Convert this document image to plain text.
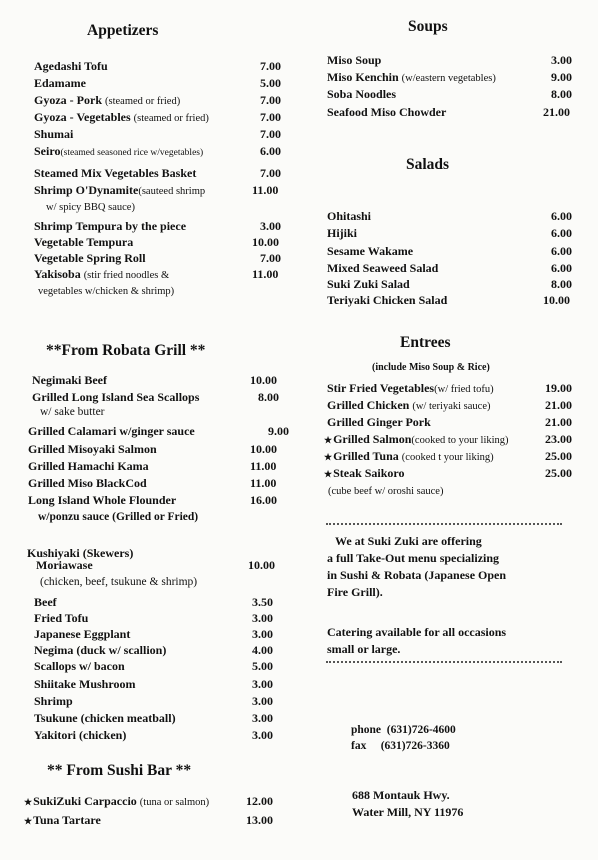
Appetizers
Agedashi Tofu	7.00
Edamame	5.00
Gyoza - Pork (steamed or fried)	7.00
Gyoza - Vegetables (steamed or fried)	7.00
Shumai	7.00
Seiro(steamed seasoned rice w/vegetables)	6.00
Steamed Mix Vegetables Basket	7.00
Shrimp O'Dynamite(sauteed shrimp	11.00
w/ spicy BBQ sauce)
Shrimp Tempura by the piece	3.00
Vegetable Tempura	10.00
Vegetable Spring Roll	7.00
Yakisoba (stir fried noodles &	11.00
vegetables w/chicken & shrimp)
**From Robata Grill **
Negimaki Beef	10.00
Grilled Long Island Sea Scallops	8.00
w/ sake butter
Grilled Calamari w/ginger sauce	9.00
Grilled Misoyaki Salmon	10.00
Grilled Hamachi Kama	11.00
Grilled Miso BlackCod	11.00
Long Island Whole Flounder	16.00
w/ponzu sauce (Grilled or Fried)
Kushiyaki (Skewers)
Moriawase	10.00
(chicken, beef, tsukune & shrimp)
Beef	3.50
Fried Tofu	3.00
Japanese Eggplant	3.00
Negima (duck w/ scallion)	4.00
Scallops w/ bacon	5.00
Shiitake Mushroom	3.00
Shrimp	3.00
Tsukune (chicken meatball)	3.00
Yakitori (chicken)	3.00
** From Sushi Bar **
★SukiZuki Carpaccio (tuna or salmon)	12.00
★Tuna Tartare	13.00
Soups
Miso Soup	3.00
Miso Kenchin (w/eastern vegetables)	9.00
Soba Noodles	8.00
Seafood Miso Chowder	21.00
Salads
Ohitashi	6.00
Hijiki	6.00
Sesame Wakame	6.00
Mixed Seaweed Salad	6.00
Suki Zuki Salad	8.00
Teriyaki Chicken Salad	10.00
Entrees
(include Miso Soup & Rice)
Stir Fried Vegetables(w/ fried tofu)	19.00
Grilled Chicken (w/ teriyaki sauce)	21.00
Grilled Ginger Pork	21.00
★Grilled Salmon(cooked to your liking)	23.00
★Grilled Tuna (cooked t your liking)	25.00
★Steak Saikoro	25.00
(cube beef w/ oroshi sauce)
We at Suki Zuki are offering
a full Take-Out menu specializing
in Sushi & Robata (Japanese Open
Fire Grill).
Catering available for all occasions
small or large.
phone (631)726-4600
fax (631)726-3360
688 Montauk Hwy.
Water Mill, NY 11976
